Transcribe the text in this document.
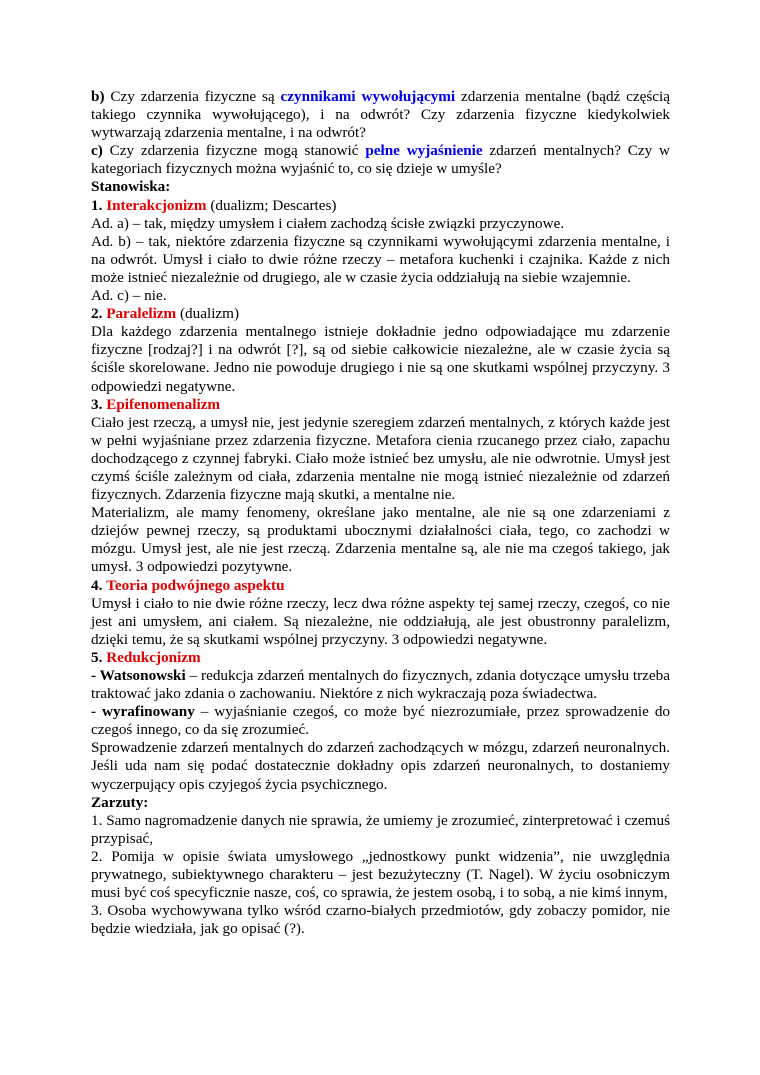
b) Czy zdarzenia fizyczne są czynnikami wywołującymi zdarzenia mentalne (bądź częścią takiego czynnika wywołującego), i na odwrót? Czy zdarzenia fizyczne kiedykolwiek wytwarzają zdarzenia mentalne, i na odwrót?

c) Czy zdarzenia fizyczne mogą stanowić pełne wyjaśnienie zdarzeń mentalnych? Czy w kategoriach fizycznych można wyjaśnić to, co się dzieje w umyśle?

Stanowiska:

1. Interakcjonizm (dualizm; Descartes)

Ad. a) – tak, między umysłem i ciałem zachodzą ścisłe związki przyczynowe.

Ad. b) – tak, niektóre zdarzenia fizyczne są czynnikami wywołującymi zdarzenia mentalne, i na odwrót. Umysł i ciało to dwie różne rzeczy – metafora kuchenki i czajnika. Każde z nich może istnieć niezależnie od drugiego, ale w czasie życia oddziałują na siebie wzajemnie.

Ad. c) – nie.

2. Paralelizm (dualizm)

Dla każdego zdarzenia mentalnego istnieje dokładnie jedno odpowiadające mu zdarzenie fizyczne [rodzaj?] i na odwrót [?], są od siebie całkowicie niezależne, ale w czasie życia są ściśle skorelowane. Jedno nie powoduje drugiego i nie są one skutkami wspólnej przyczyny. 3 odpowiedzi negatywne.

3. Epifenomenalizm

Ciało jest rzeczą, a umysł nie, jest jedynie szeregiem zdarzeń mentalnych, z których każde jest w pełni wyjaśniane przez zdarzenia fizyczne. Metafora cienia rzucanego przez ciało, zapachu dochodzącego z czynnej fabryki. Ciało może istnieć bez umysłu, ale nie odwrotnie. Umysł jest czymś ściśle zależnym od ciała, zdarzenia mentalne nie mogą istnieć niezależnie od zdarzeń fizycznych. Zdarzenia fizyczne mają skutki, a mentalne nie.

Materializm, ale mamy fenomeny, określane jako mentalne, ale nie są one zdarzeniami z dziejów pewnej rzeczy, są produktami ubocznymi działalności ciała, tego, co zachodzi w mózgu. Umysł jest, ale nie jest rzeczą. Zdarzenia mentalne są, ale nie ma czegoś takiego, jak umysł. 3 odpowiedzi pozytywne.

4. Teoria podwójnego aspektu

Umysł i ciało to nie dwie różne rzeczy, lecz dwa różne aspekty tej samej rzeczy, czegoś, co nie jest ani umysłem, ani ciałem. Są niezależne, nie oddziałują, ale jest obustronny paralelizm, dzięki temu, że są skutkami wspólnej przyczyny. 3 odpowiedzi negatywne.

5. Redukcjonizm

- Watsonowski – redukcja zdarzeń mentalnych do fizycznych, zdania dotyczące umysłu trzeba traktować jako zdania o zachowaniu. Niektóre z nich wykraczają poza świadectwa.

- wyrafinowany – wyjaśnianie czegoś, co może być niezrozumiałe, przez sprowadzenie do czegoś innego, co da się zrozumieć.

Sprowadzenie zdarzeń mentalnych do zdarzeń zachodzących w mózgu, zdarzeń neuronalnych. Jeśli uda nam się podać dostatecznie dokładny opis zdarzeń neuronalnych, to dostaniemy wyczerpujący opis czyjegoś życia psychicznego.

Zarzuty:

1. Samo nagromadzenie danych nie sprawia, że umiemy je zrozumieć, zinterpretować i czemuś przypisać,

2. Pomija w opisie świata umysłowego „jednostkowy punkt widzenia”, nie uwzględnia prywatnego, subiektywnego charakteru – jest bezużyteczny (T. Nagel). W życiu osobniczym musi być coś specyficznie nasze, coś, co sprawia, że jestem osobą, i to sobą, a nie kimś innym,

3. Osoba wychowywana tylko wśród czarno-białych przedmiotów, gdy zobaczy pomidor, nie będzie wiedziała, jak go opisać (?).
